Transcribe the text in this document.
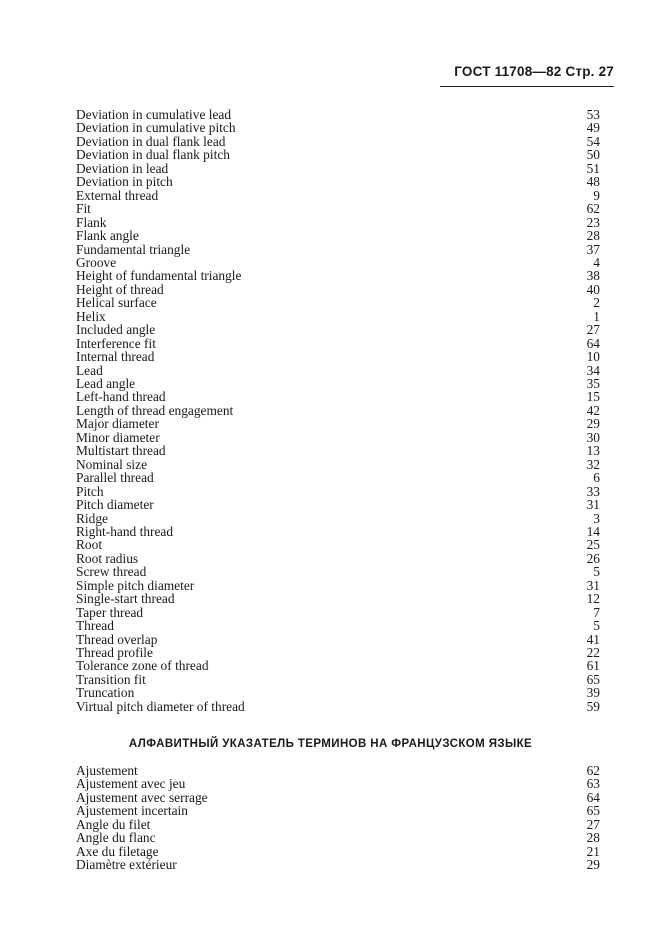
ГОСТ 11708—82 Стр. 27
Deviation in cumulative lead	53
Deviation in cumulative pitch	49
Deviation in dual flank lead	54
Deviation in dual flank pitch	50
Deviation in lead	51
Deviation in pitch	48
External thread	9
Fit	62
Flank	23
Flank angle	28
Fundamental triangle	37
Groove	4
Height of fundamental triangle	38
Height of thread	40
Helical surface	2
Helix	1
Included angle	27
Interference fit	64
Internal thread	10
Lead	34
Lead angle	35
Left-hand thread	15
Length of thread engagement	42
Major diameter	29
Minor diameter	30
Multistart thread	13
Nominal size	32
Parallel thread	6
Pitch	33
Pitch diameter	31
Ridge	3
Right-hand thread	14
Root	25
Root radius	26
Screw thread	5
Simple pitch diameter	31
Single-start thread	12
Taper thread	7
Thread	5
Thread overlap	41
Thread profile	22
Tolerance zone of thread	61
Transition fit	65
Truncation	39
Virtual pitch diameter of thread	59
АЛФАВИТНЫЙ УКАЗАТЕЛЬ ТЕРМИНОВ НА ФРАНЦУЗСКОМ ЯЗЫКЕ
Ajustement	62
Ajustement avec jeu	63
Ajustement avec serrage	64
Ajustement incertain	65
Angle du filet	27
Angle du flanc	28
Axe du filetage	21
Diamètre extérieur	29
